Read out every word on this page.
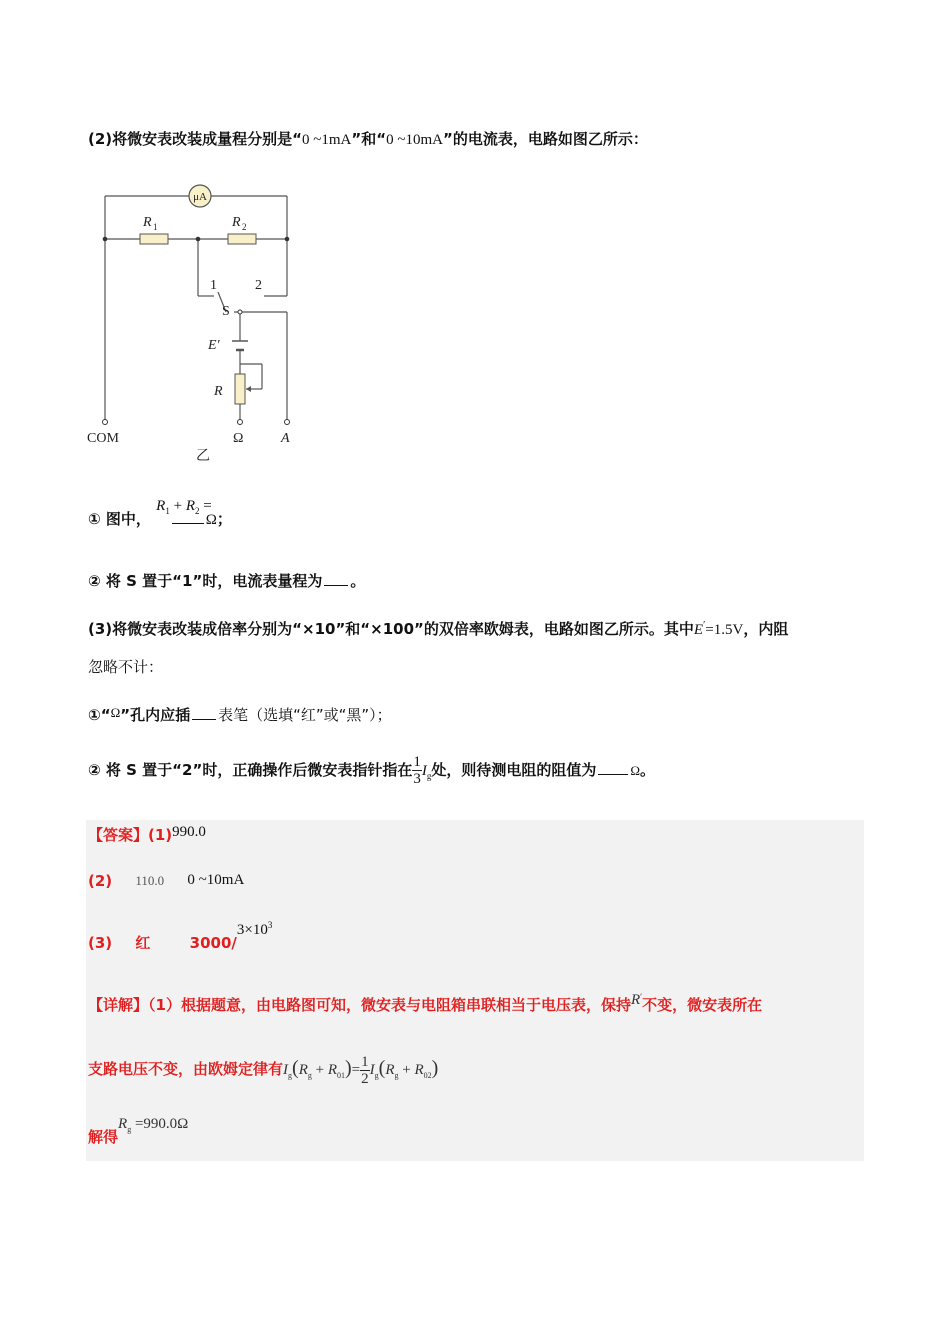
(2)将微安表改装成量程分别是“0 ~1mA”和“0 ~10mA”的电流表，电路如图乙所示：
μA
R 1	R 2
1	2
S
E′
R
COM	Ω	A
乙
① 图中， $R_1 + R_2 =\Omega$；
② 将 S 置于“1”时，电流表量程为 。
(3)将微安表改装成倍率分别为“×10”和“×100”的双倍率欧姆表，电路如图乙所示。其中E′=1.5V，内阻
忽略不计：
①“Ω”孔内应插 表笔（选填“红”或“黑”）；
② 将 S 置于“2”时，正确操作后微安表指针指在 $\frac{1}{3} I_g$处，则待测电阻的阻值为	Ω。
【答案】(1)990.0
(2) 110.0 0 ~10mA
(3) 红	$3000/3\times 10^3$
【详解】（1）根据题意，由电路图可知，微安表与电阻箱串联相当于电压表，保持R′不变，微安表所在
支路电压不变，由欧姆定律有$I_g(R_g + R_{01})= \frac{1}{2} I_g(R_g + R_{02})$
解得$R_g =990.0\Omega$
